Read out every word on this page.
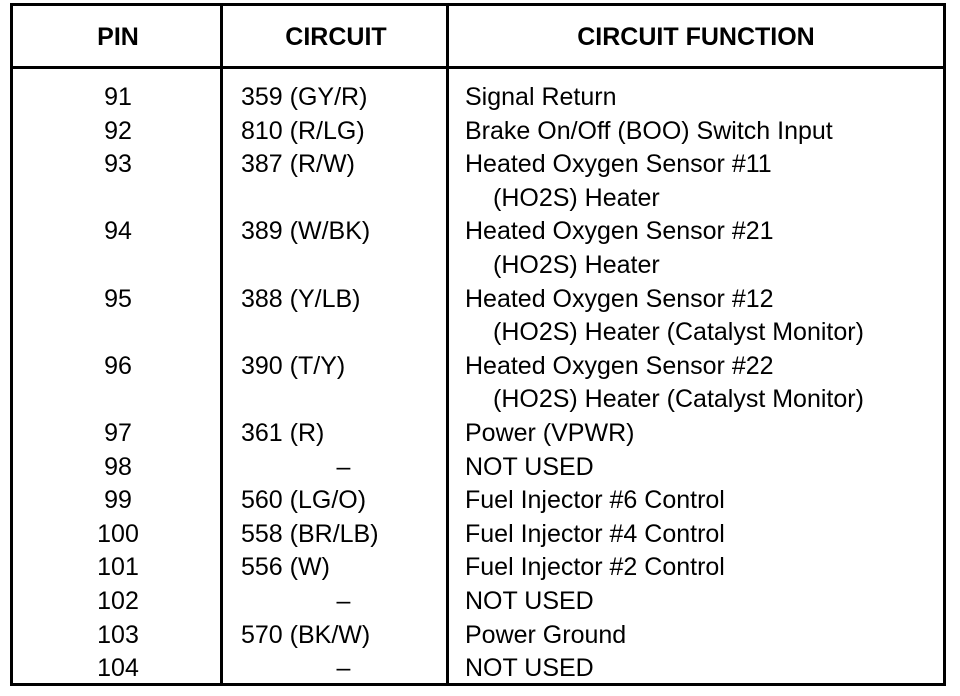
PIN	CIRCUIT	CIRCUIT FUNCTION
91	359 (GY/R)	Signal Return
92	810 (R/LG)	Brake On/Off (BOO) Switch Input
93	387 (R/W)	Heated Oxygen Sensor #11
(HO2S) Heater
94	389 (W/BK)	Heated Oxygen Sensor #21
(HO2S) Heater
95	388 (Y/LB)	Heated Oxygen Sensor #12
(HO2S) Heater (Catalyst Monitor)
96	390 (T/Y)	Heated Oxygen Sensor #22
(HO2S) Heater (Catalyst Monitor)
97	361 (R)	Power (VPWR)
98	–	NOT USED
99	560 (LG/O)	Fuel Injector #6 Control
100	558 (BR/LB)	Fuel Injector #4 Control
101	556 (W)	Fuel Injector #2 Control
102	–	NOT USED
103	570 (BK/W)	Power Ground
104	–	NOT USED
